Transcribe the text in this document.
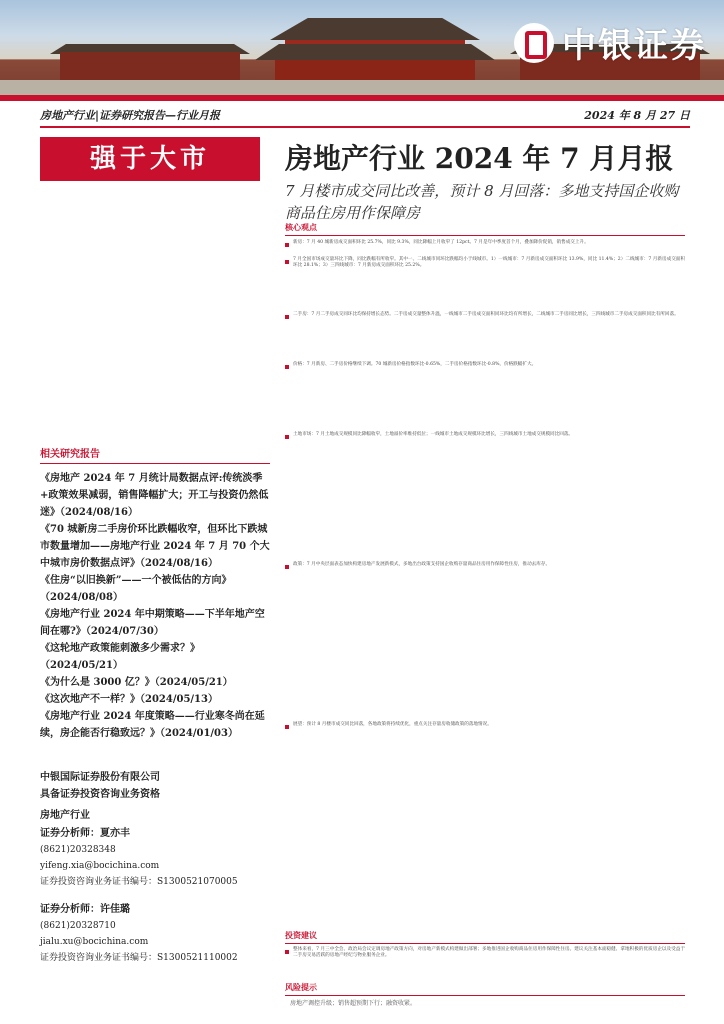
中银证券
房地产行业|证券研究报告—行业月报	2024 年 8 月 27 日
强于大市	房地产行业 2024 年 7 月月报
7 月楼市成交同比改善，预计 8 月回落：多地支持国企收购商品住房用作保障房
核心观点
新房：7 月 40 城新房成交面积环比 25.7%，同比 9.3%，同比降幅上月收窄了 12pct。7 月是年中季度首个月，叠加降价促销，销售成交上升。
7 月全国市场成交量环比下降，同比跌幅有所收窄。其中一、二线城市同环比跌幅均小于线城市。1）一线城市：7 月新房成交面积环比 13.9%，同比 11.4%；2）二线城市：7 月新房成交面积环比 28.1%；3）三四线城市：7 月新房成交面积环比 25.2%。
二手房：7 月二手房成交同环比均保持增长态势。二手房成交量整体升温，一线城市二手房成交面积同环比均有所增长，二线城市二手房同比增长，三四线城市二手房成交面积同比有所回落。
价格：7 月新房、二手房价格继续下调。70 城新房价格指数环比-0.65%，二手房价格指数环比-0.8%，价格跌幅扩大。
土地市场：7 月土地成交规模同比降幅收窄，土地溢价率维持低位；一线城市土地成交规模环比增长，三四线城市土地成交规模同比回落。
政策：7 月中央层面表态加快构建房地产发展新模式，多地出台政策支持国企收购存量商品住房用作保障性住房，推动去库存。
展望：预计 8 月楼市成交同比回落，各地政策将持续优化，重点关注存量房收储政策的落地情况。
投资建议
整体来看，7 月三中全会、政治局会议定调房地产政策方向，对房地产新模式构建做出部署；多地推进国企收购商品住房用作保障性住房。建议关注基本面稳健、拿地积极的优质房企以及受益于二手房交易活跃的房地产经纪与物业服务企业。
风险提示
房地产调控升级；销售超预期下行；融资收紧。
相关研究报告
《房地产 2024 年 7 月统计局数据点评:传统淡季+政策效果减弱，销售降幅扩大；开工与投资仍然低迷》（2024/08/16）
《70 城新房二手房价环比跌幅收窄，但环比下跌城市数量增加——房地产行业 2024 年 7 月 70 个大中城市房价数据点评》（2024/08/16）
《住房“以旧换新”——一个被低估的方向》（2024/08/08）
《房地产行业 2024 年中期策略——下半年地产空间在哪?》（2024/07/30）
《这轮地产政策能刺激多少需求？》（2024/05/21）
《为什么是 3000 亿？》（2024/05/21）
《这次地产不一样？》（2024/05/13）
《房地产行业 2024 年度策略——行业寒冬尚在延续，房企能否行稳致远？》（2024/01/03）
中银国际证券股份有限公司
具备证券投资咨询业务资格
房地产行业
证券分析师：夏亦丰
(8621)20328348
yifeng.xia@bocichina.com
证券投资咨询业务证书编号：S1300521070005
证券分析师：许佳璐
(8621)20328710
jialu.xu@bocichina.com
证券投资咨询业务证书编号：S1300521110002
